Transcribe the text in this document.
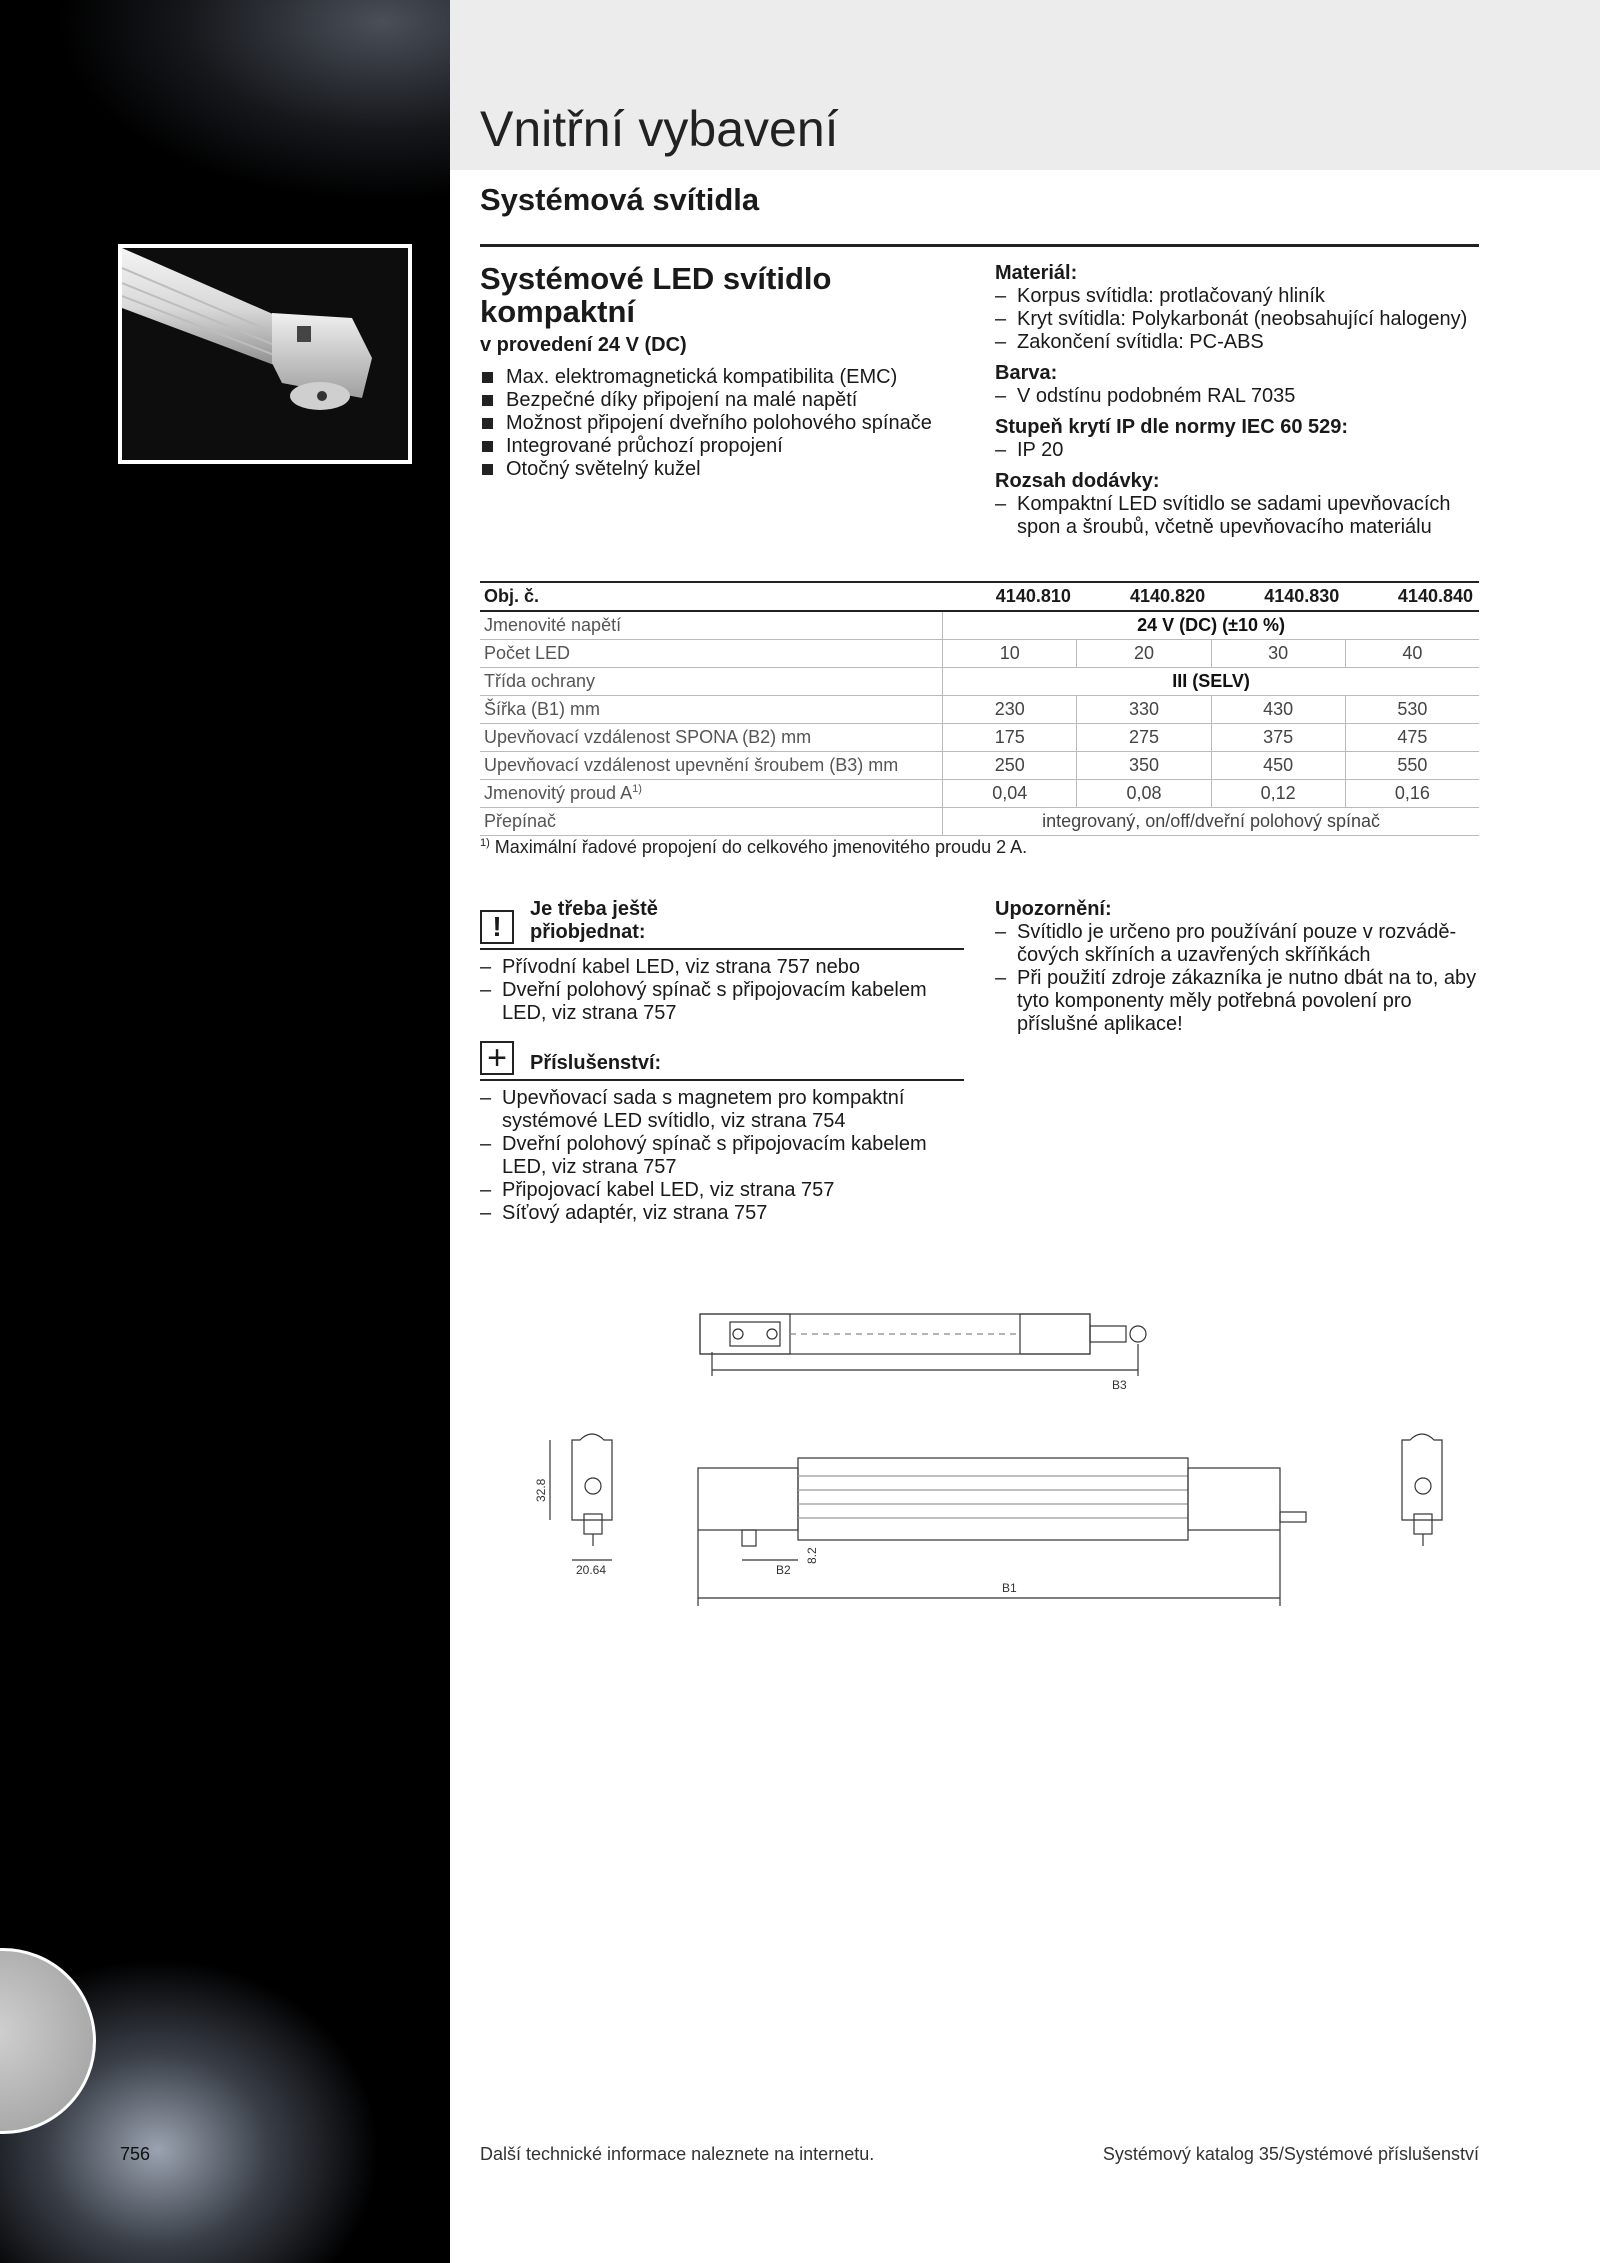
Vnitřní vybavení
Systémová svítidla
Systémové LED svítidlo kompaktní
v provedení 24 V (DC)
Max. elektromagnetická kompatibilita (EMC)
Bezpečné díky připojení na malé napětí
Možnost připojení dveřního polohového spínače
Integrované průchozí propojení
Otočný světelný kužel
Materiál:
– Korpus svítidla: protlačovaný hliník
– Kryt svítidla: Polykarbonát (neobsahující halogeny)
– Zakončení svítidla: PC-ABS
Barva:
– V odstínu podobném RAL 7035
Stupeň krytí IP dle normy IEC 60 529:
– IP 20
Rozsah dodávky:
– Kompaktní LED svítidlo se sadami upevňovacích spon a šroubů, včetně upevňovacího materiálu
Obj. č.	4140.810	4140.820	4140.830	4140.840
Jmenovité napětí	24 V (DC) (±10 %)			
Počet LED	10	20	30	40
Třída ochrany	III (SELV)			
Šířka (B1) mm	230	330	430	530
Upevňovací vzdálenost SPONA (B2) mm	175	275	375	475
Upevňovací vzdálenost upevnění šroubem (B3) mm	250	350	450	550
Jmenovitý proud $A^{1)}$	0,04	0,08	0,12	0,16
Přepínač	integrovaný, on/off/dveřní polohový spínač			
$^{1)}$ Maximální řadové propojení do celkového jmenovitého proudu 2 A.
!
Je třeba ještě
přiobjednat:
– Přívodní kabel LED, viz strana 757 nebo
– Dveřní polohový spínač s připojovacím kabelem LED, viz strana 757
+	Příslušenství:
– Upevňovací sada s magnetem pro kompaktní systémové LED svítidlo, viz strana 754
– Dveřní polohový spínač s připojovacím kabelem LED, viz strana 757
– Připojovací kabel LED, viz strana 757
– Síťový adaptér, viz strana 757
Upozornění:
– Svítidlo je určeno pro používání pouze v rozvádě-čových skříních a uzavřených skříňkách
– Při použití zdroje zákazníka je nutno dbát na to, aby tyto komponenty měly potřebná povolení pro příslušné aplikace!
B3
32.8
20.64	B2
8.2
B1
756	Další technické informace naleznete na internetu.	Systémový katalog 35/Systémové příslušenství
